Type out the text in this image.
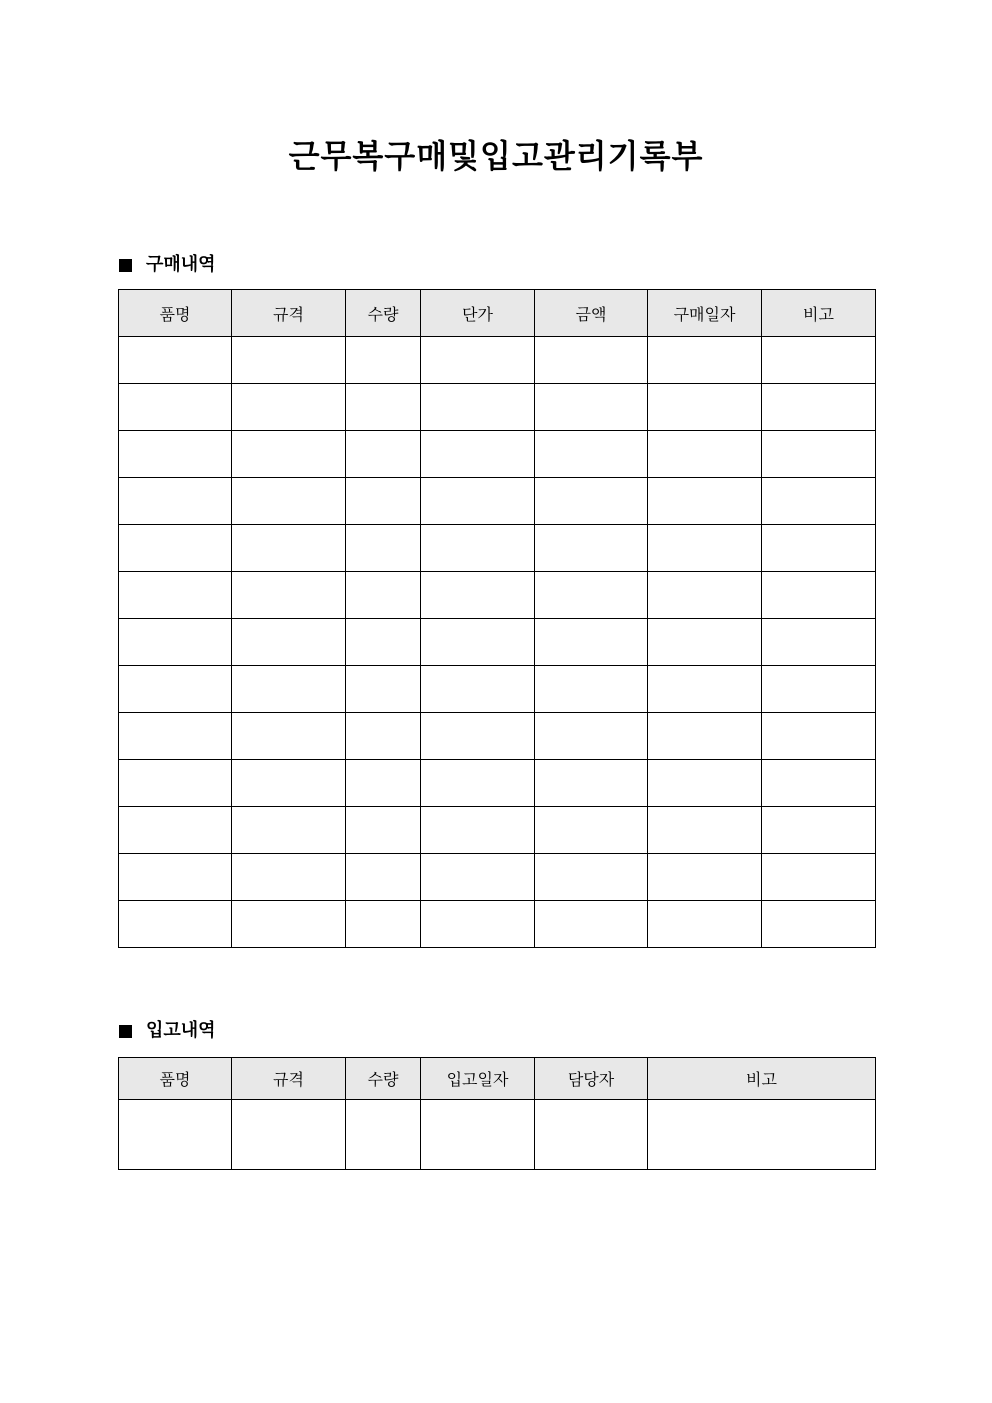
근무복구매및입고관리기록부
구매내역
품명	규격	수량	단가	금액	구매일자	비고

입고내역
품명	규격	수량	입고일자	담당자	비고
